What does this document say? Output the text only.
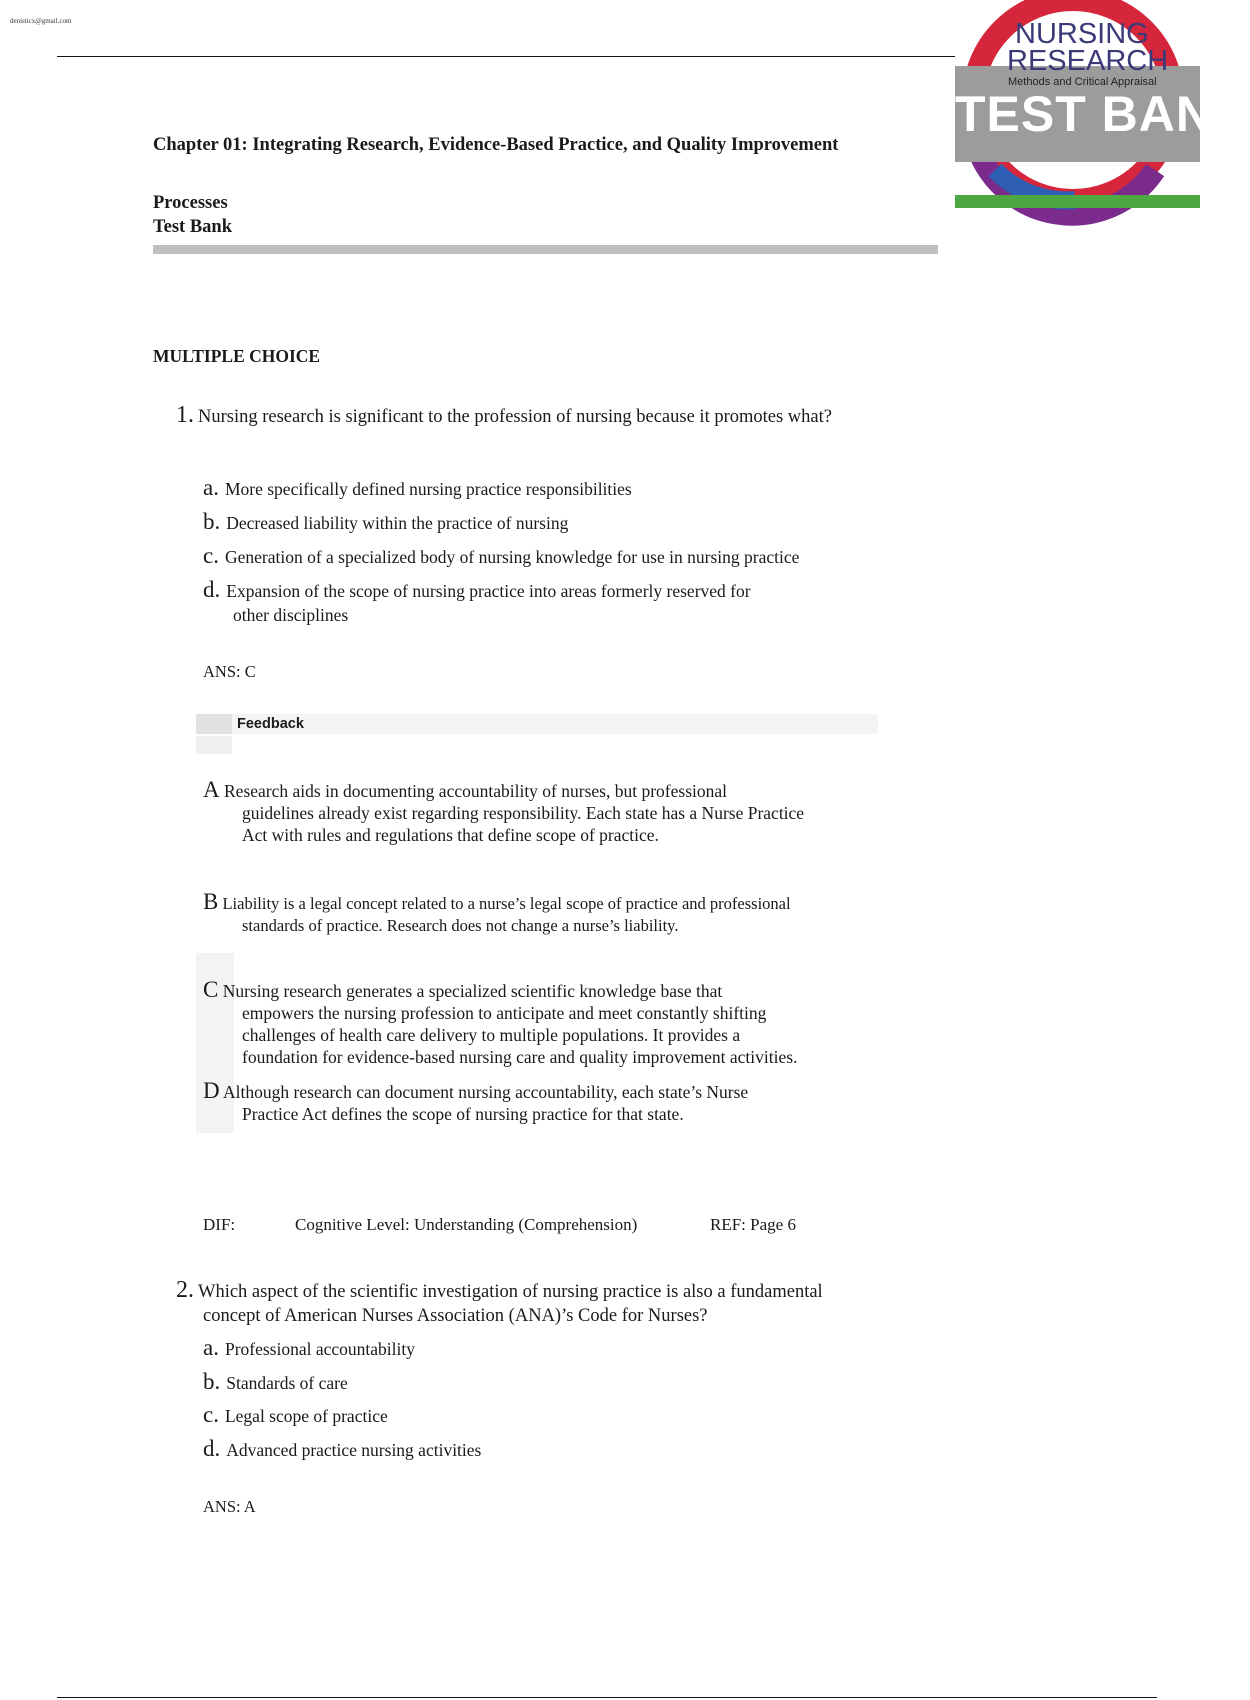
denisticx@gmail.com	NURSING
RESEARCH
Methods and Critical Appraisal
TEST BANK
Chapter 01: Integrating Research, Evidence-Based Practice, and Quality Improvement
Processes
Test Bank
MULTIPLE CHOICE
1. Nursing research is significant to the profession of nursing because it promotes what?
a. More specifically defined nursing practice responsibilities
b. Decreased liability within the practice of nursing
c. Generation of a specialized body of nursing knowledge for use in nursing practice
d. Expansion of the scope of nursing practice into areas formerly reserved for
other disciplines
ANS: C
Feedback
A Research aids in documenting accountability of nurses, but professional
guidelines already exist regarding responsibility. Each state has a Nurse Practice
Act with rules and regulations that define scope of practice.
B Liability is a legal concept related to a nurse’s legal scope of practice and professional
standards of practice. Research does not change a nurse’s liability.
C Nursing research generates a specialized scientific knowledge base that
empowers the nursing profession to anticipate and meet constantly shifting
challenges of health care delivery to multiple populations. It provides a
foundation for evidence-based nursing care and quality improvement activities.
D Although research can document nursing accountability, each state’s Nurse
Practice Act defines the scope of nursing practice for that state.
DIF:	Cognitive Level: Understanding (Comprehension)	REF: Page 6
2. Which aspect of the scientific investigation of nursing practice is also a fundamental
concept of American Nurses Association (ANA)’s Code for Nurses?
a. Professional accountability
b. Standards of care
c. Legal scope of practice
d. Advanced practice nursing activities
ANS: A
